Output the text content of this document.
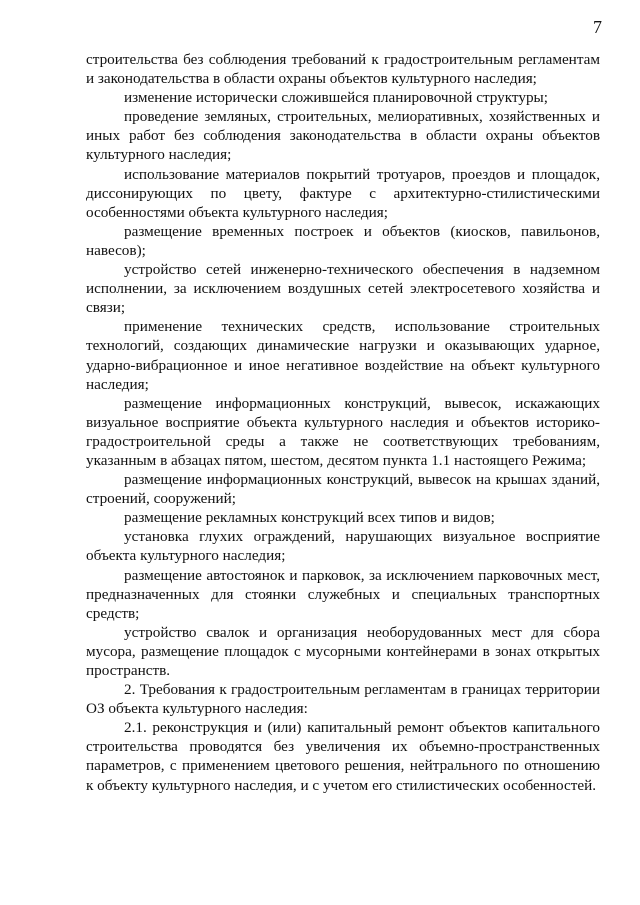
7

строительства без соблюдения требований к градостроительным регламентам и законодательства в области охраны объектов культурного наследия;

изменение исторически сложившейся планировочной структуры;

проведение земляных, строительных, мелиоративных, хозяйственных и иных работ без соблюдения законодательства в области охраны объектов культурного наследия;

использование материалов покрытий тротуаров, проездов и площадок, диссонирующих по цвету, фактуре с архитектурно-стилистическими особенностями объекта культурного наследия;

размещение временных построек и объектов (киосков, павильонов, навесов);

устройство сетей инженерно-технического обеспечения в надземном исполнении, за исключением воздушных сетей электросетевого хозяйства и связи;

применение технических средств, использование строительных технологий, создающих динамические нагрузки и оказывающих ударное, ударно-вибрационное и иное негативное воздействие на объект культурного наследия;

размещение информационных конструкций, вывесок, искажающих визуальное восприятие объекта культурного наследия и объектов историко-градостроительной среды а также не соответствующих требованиям, указанным в абзацах пятом, шестом, десятом пункта 1.1 настоящего Режима;

размещение информационных конструкций, вывесок на крышах зданий, строений, сооружений;

размещение рекламных конструкций всех типов и видов;

установка глухих ограждений, нарушающих визуальное восприятие объекта культурного наследия;

размещение автостоянок и парковок, за исключением парковочных мест, предназначенных для стоянки служебных и специальных транспортных средств;

устройство свалок и организация необорудованных мест для сбора мусора, размещение площадок с мусорными контейнерами в зонах открытых пространств.

2. Требования к градостроительным регламентам в границах территории ОЗ объекта культурного наследия:

2.1. реконструкция и (или) капитальный ремонт объектов капитального строительства проводятся без увеличения их объемно-пространственных параметров, с применением цветового решения, нейтрального по отношению к объекту культурного наследия, и с учетом его стилистических особенностей.
